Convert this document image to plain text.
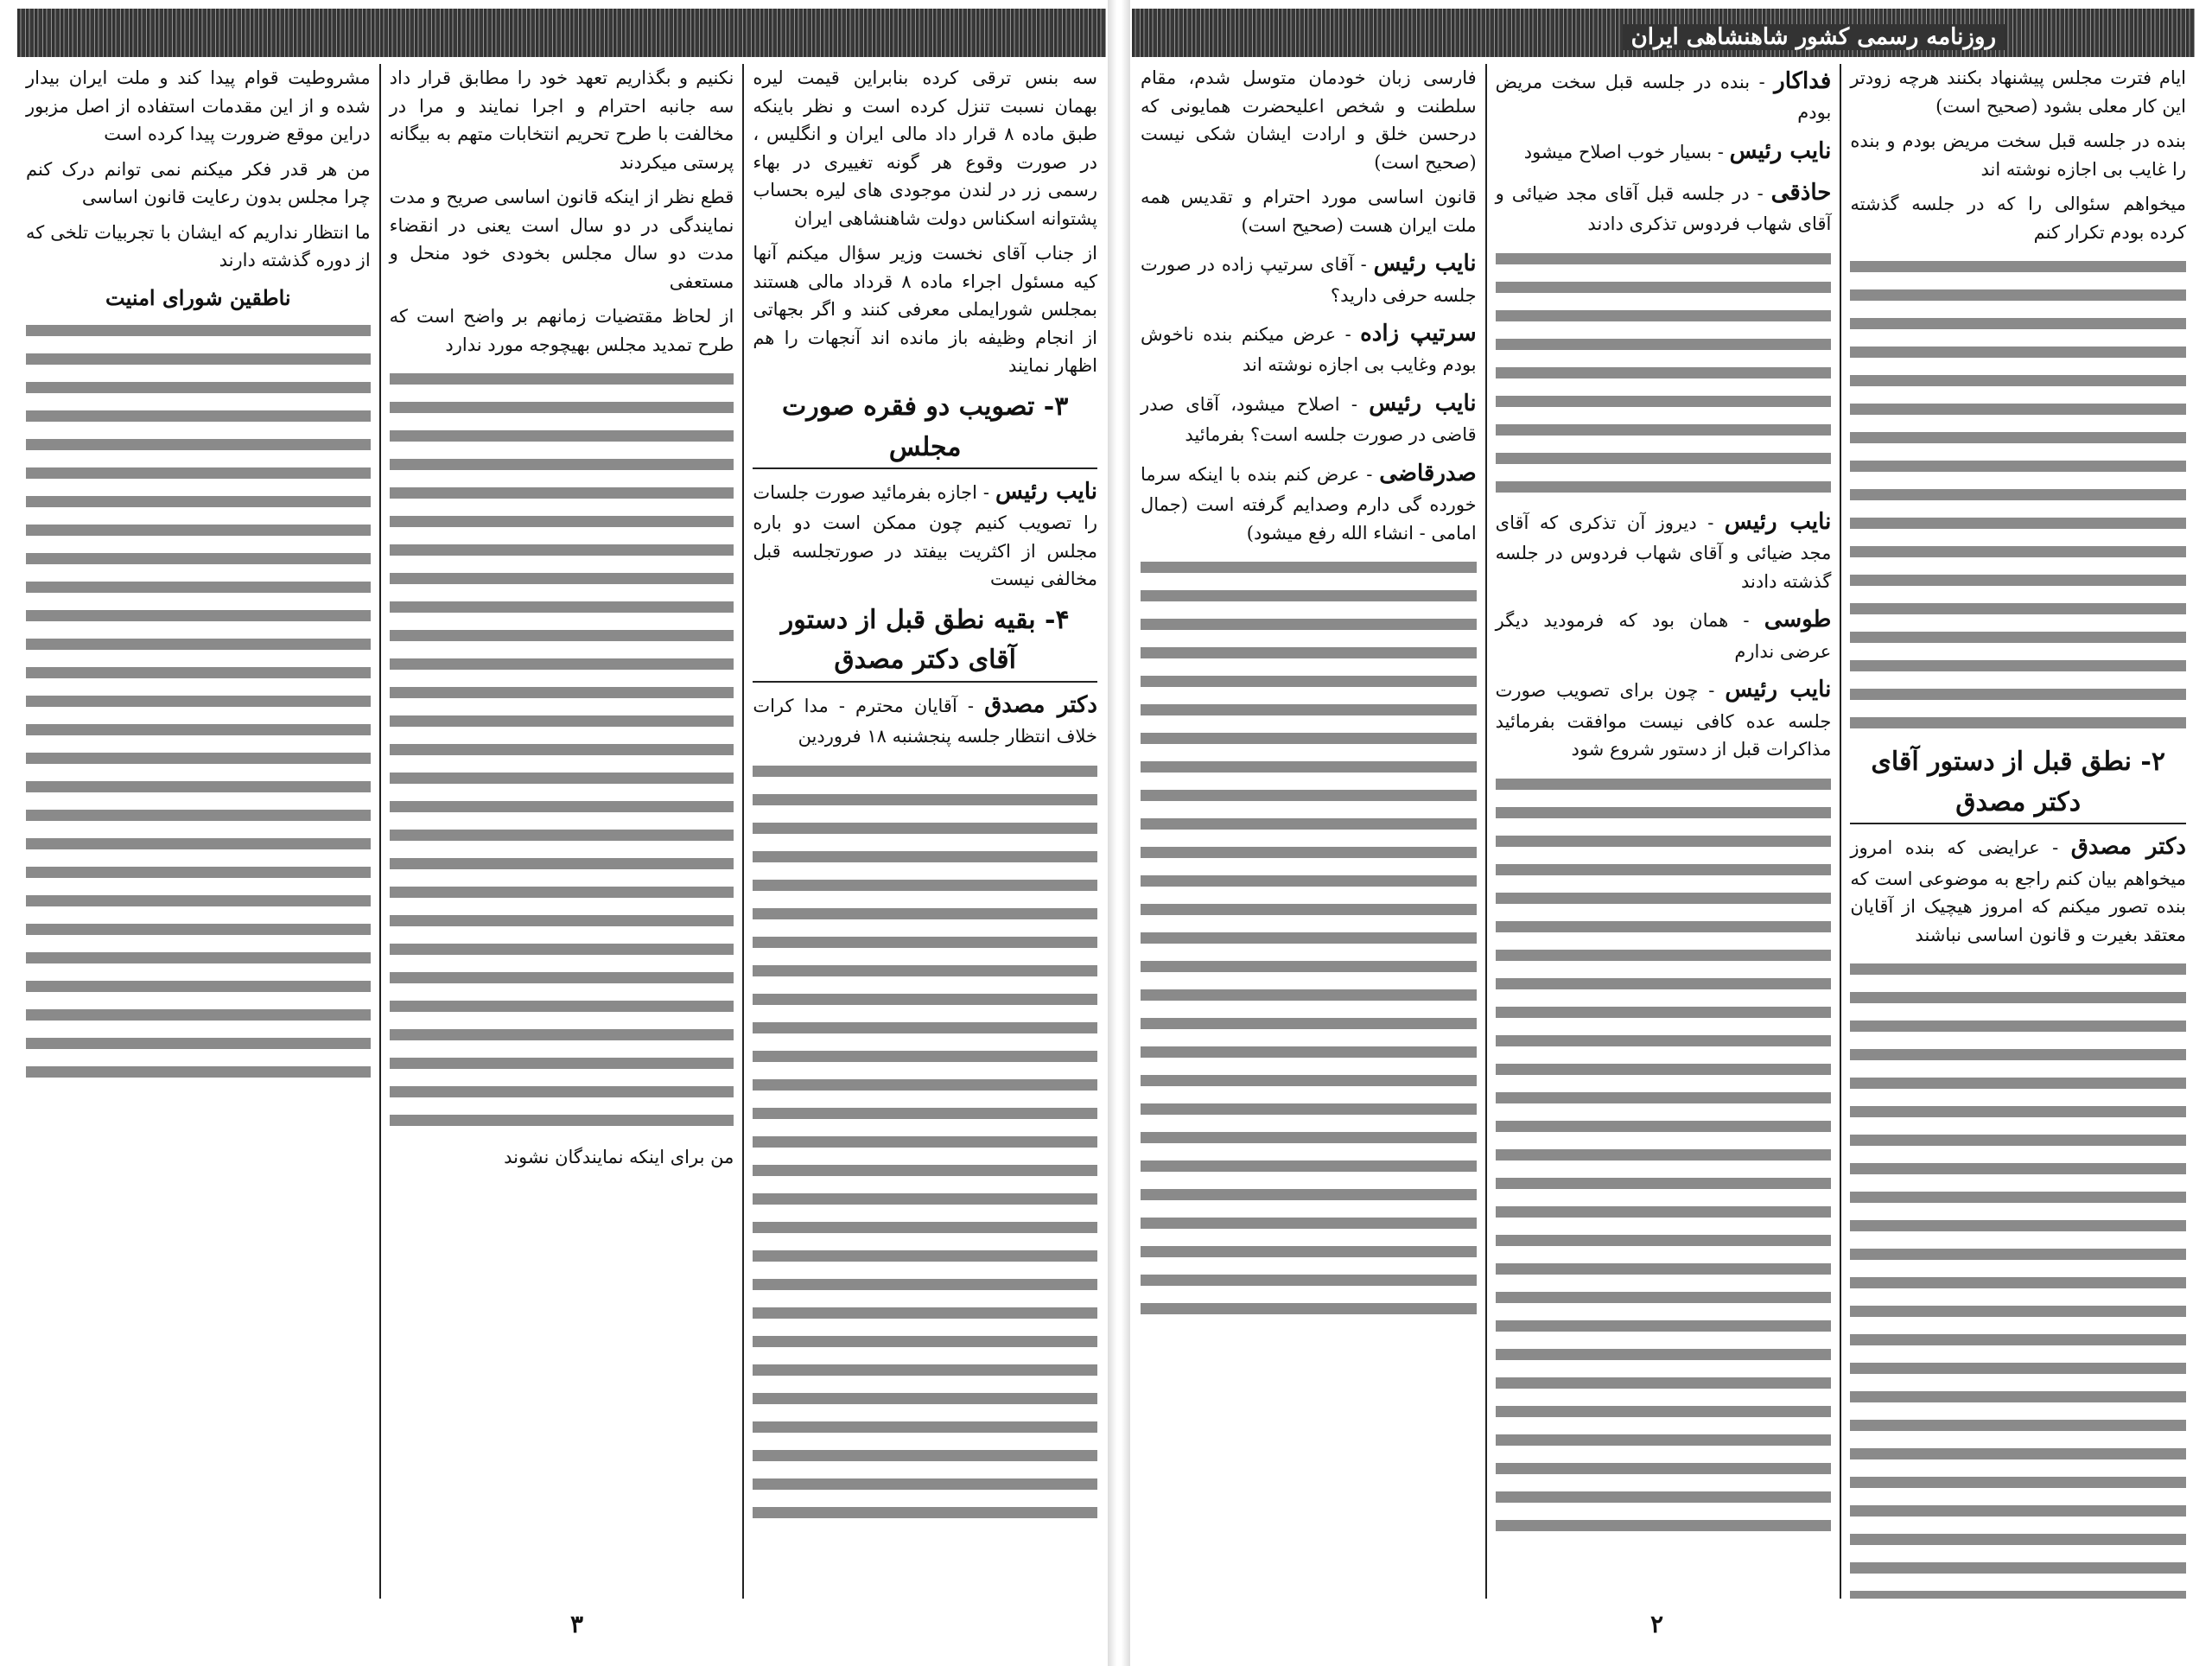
سه بنس ترقی کرده بنابراین قیمت لیره بهمان نسبت تنزل کرده است و نظر باینکه طبق ماده ۸ قرار داد مالی ایران و انگلیس ، در صورت وقوع هر گونه تغییری در بهاء رسمی زر در لندن موجودی های لیره بحساب پشتوانه اسکناس دولت شاهنشاهی ایران

از جناب آقای نخست وزیر سؤال میکنم آنها کیه مسئول اجراء ماده ۸ قرداد مالی هستند بمجلس شورایملی معرفی کنند و اگر بجهاتی از انجام وظیفه باز مانده اند آنجهات را هم اظهار نمایند

۳- تصویب دو فقره صورت مجلس

نایب رئیس - اجازه بفرمائید صورت جلسات را تصویب کنیم چون ممکن است دو باره مجلس از اکثریت بیفتد در صورتجلسه قبل مخالفی نیست

۴- بقیه نطق قبل از دستور آقای دکتر مصدق

دکتر مصدق - آقایان محترم - مدا کرات خلاف انتظار جلسه پنجشنبه ۱۸ فروردین

نکنیم و بگذاریم تعهد خود را مطابق قرار داد سه جانبه احترام و اجرا نمایند و مرا در مخالفت با طرح تحریم انتخابات متهم به بیگانه پرستی میکردند

قطع نظر از اینکه قانون اساسی صریح و مدت نمایندگی در دو سال است یعنی در انقضاء مدت دو سال مجلس بخودی خود منحل و مستعفی

از لحاظ مقتضیات زمانهم بر واضح است که طرح تمدید مجلس بهیچوجه مورد ندارد

من برای اینکه نمایندگان نشوند

مشروطیت قوام پیدا کند و ملت ایران بیدار شده و از این مقدمات استفاده از اصل مزبور دراین موقع ضرورت پیدا کرده است

من هر قدر فکر میکنم نمی توانم درک کنم چرا مجلس بدون رعایت قانون اساسی

ما انتظار نداریم که ایشان با تجربیات تلخی که از دوره گذشته دارند

ناطقین شورای امنیت
۳
روزنامه رسمی کشور شاهنشاهی ایران

ایام فترت مجلس پیشنهاد بکنند هرچه زودتر این کار معلی بشود (صحیح است)

بنده در جلسه قبل سخت مریض بودم و بنده را غایب بی اجازه نوشته اند

میخواهم سئوالی را که در جلسه گذشته کرده بودم تکرار کنم

۲- نطق قبل از دستور آقای دکتر مصدق

دکتر مصدق - عرایضی که بنده امروز میخواهم بیان کنم راجع به موضوعی است که بنده تصور میکنم که امروز هیچیک از آقایان معتقد بغیرت و قانون اساسی نباشند

فداکار - بنده در جلسه قبل سخت مریض بودم

نایب رئیس - بسیار خوب اصلاح میشود

حاذقی - در جلسه قبل آقای مجد ضیائی و آقای شهاب فردوس تذکری دادند

نایب رئیس - دیروز آن تذکری که آقای مجد ضیائی و آقای شهاب فردوس در جلسه گذشته دادند

طوسی - همان بود که فرمودید دیگر عرضی ندارم

نایب رئیس - چون برای تصویب صورت جلسه عده کافی نیست موافقت بفرمائید مذاکرات قبل از دستور شروع شود

فارسی زبان خودمان متوسل شدم، مقام سلطنت و شخص اعلیحضرت همایونی که درحسن خلق و ارادت ایشان شکی نیست (صحیح است)

قانون اساسی مورد احترام و تقدیس همه ملت ایران هست (صحیح است)

نایب رئیس - آقای سرتیپ زاده در صورت جلسه حرفی دارید؟

سرتیپ زاده - عرض میکنم بنده ناخوش بودم وغایب بی اجازه نوشته اند

نایب رئیس - اصلاح میشود، آقای صدر قاضی در صورت جلسه است؟ بفرمائید

صدرقاضی - عرض کنم بنده با اینکه سرما خورده گی دارم وصدایم گرفته است (جمال امامی - انشاء الله رفع میشود)

۲
